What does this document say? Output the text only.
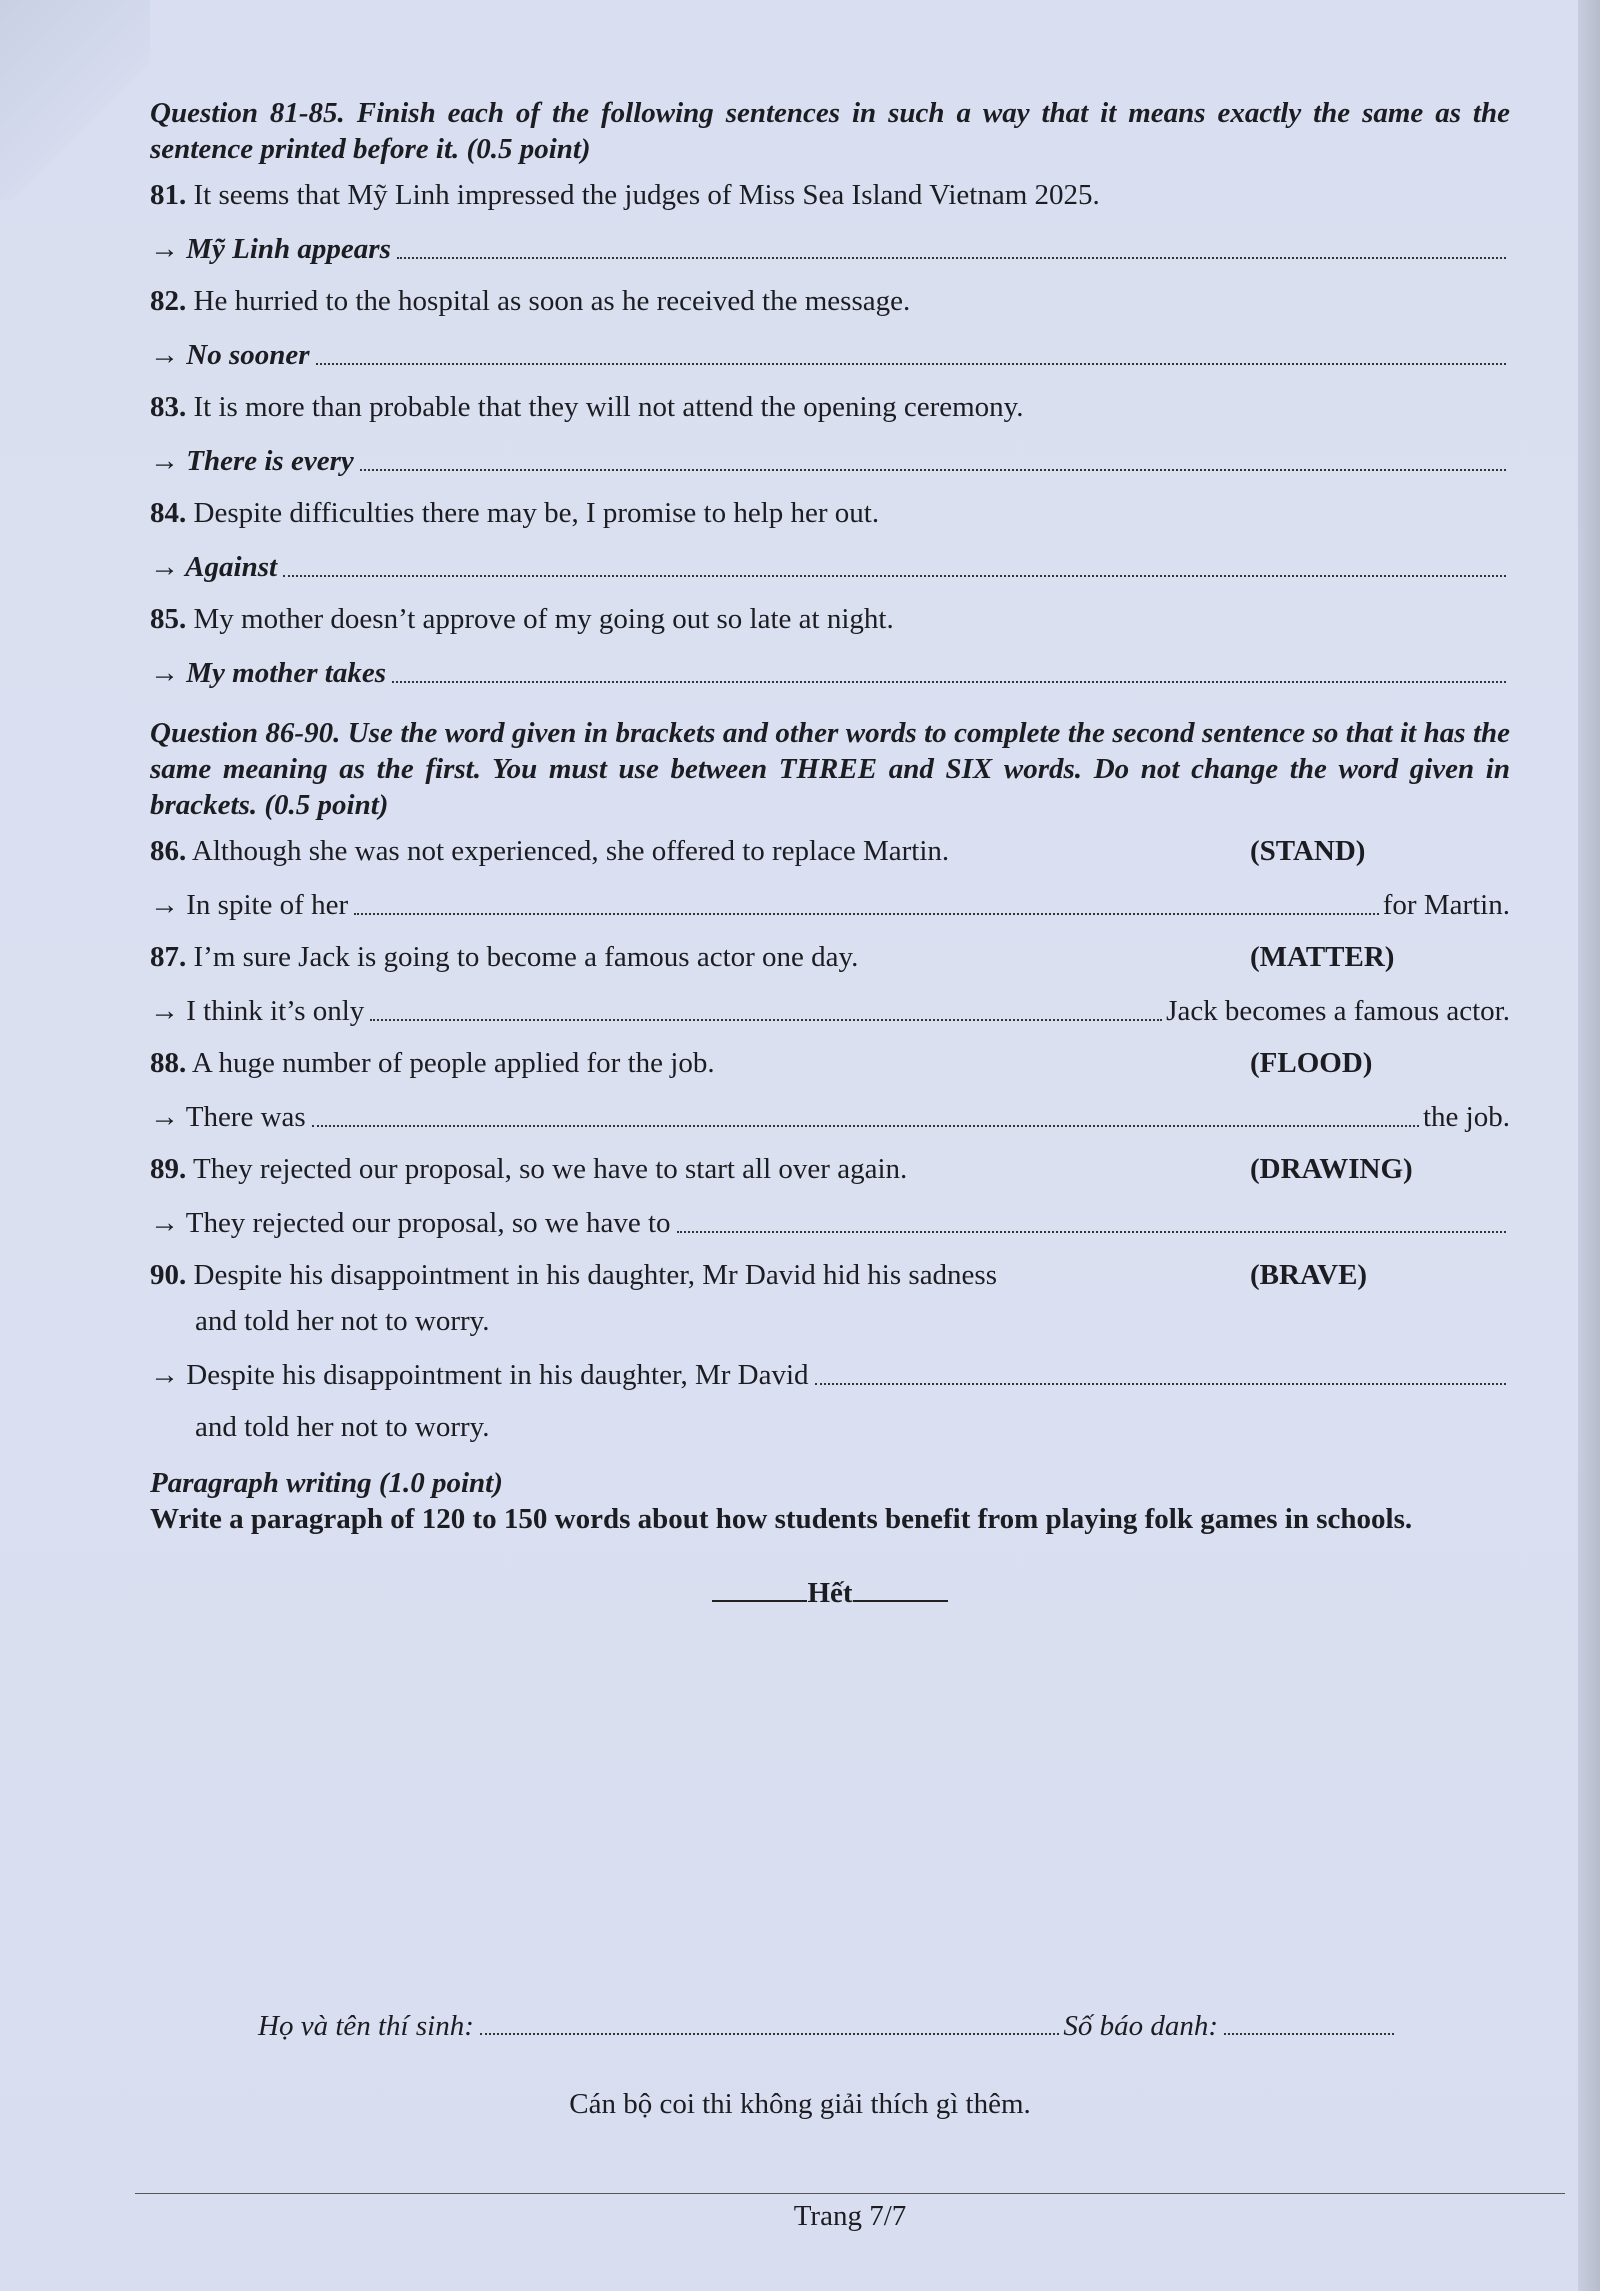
Question 81-85. Finish each of the following sentences in such a way that it means exactly the same as the sentence printed before it. (0.5 point)
81. It seems that Mỹ Linh impressed the judges of Miss Sea Island Vietnam 2025.
→ Mỹ Linh appears
82. He hurried to the hospital as soon as he received the message.
→ No sooner
83. It is more than probable that they will not attend the opening ceremony.
→ There is every
84. Despite difficulties there may be, I promise to help her out.
→ Against
85. My mother doesn’t approve of my going out so late at night.
→ My mother takes
Question 86-90. Use the word given in brackets and other words to complete the second sentence so that it has the same meaning as the first. You must use between THREE and SIX words. Do not change the word given in brackets. (0.5 point)
86. Although she was not experienced, she offered to replace Martin.	(STAND)
→ In spite of her	for Martin.
87. I’m sure Jack is going to become a famous actor one day.	(MATTER)
→ I think it’s only	Jack becomes a famous actor.
88. A huge number of people applied for the job.	(FLOOD)
→ There was	the job.
89. They rejected our proposal, so we have to start all over again.	(DRAWING)
→ They rejected our proposal, so we have to
90. Despite his disappointment in his daughter, Mr David hid his sadness	(BRAVE)
and told her not to worry.
→ Despite his disappointment in his daughter, Mr David
and told her not to worry.
Paragraph writing (1.0 point)
Write a paragraph of 120 to 150 words about how students benefit from playing folk games in schools.
Hết
Họ và tên thí sinh:	Số báo danh:
Cán bộ coi thi không giải thích gì thêm.
Trang 7/7
